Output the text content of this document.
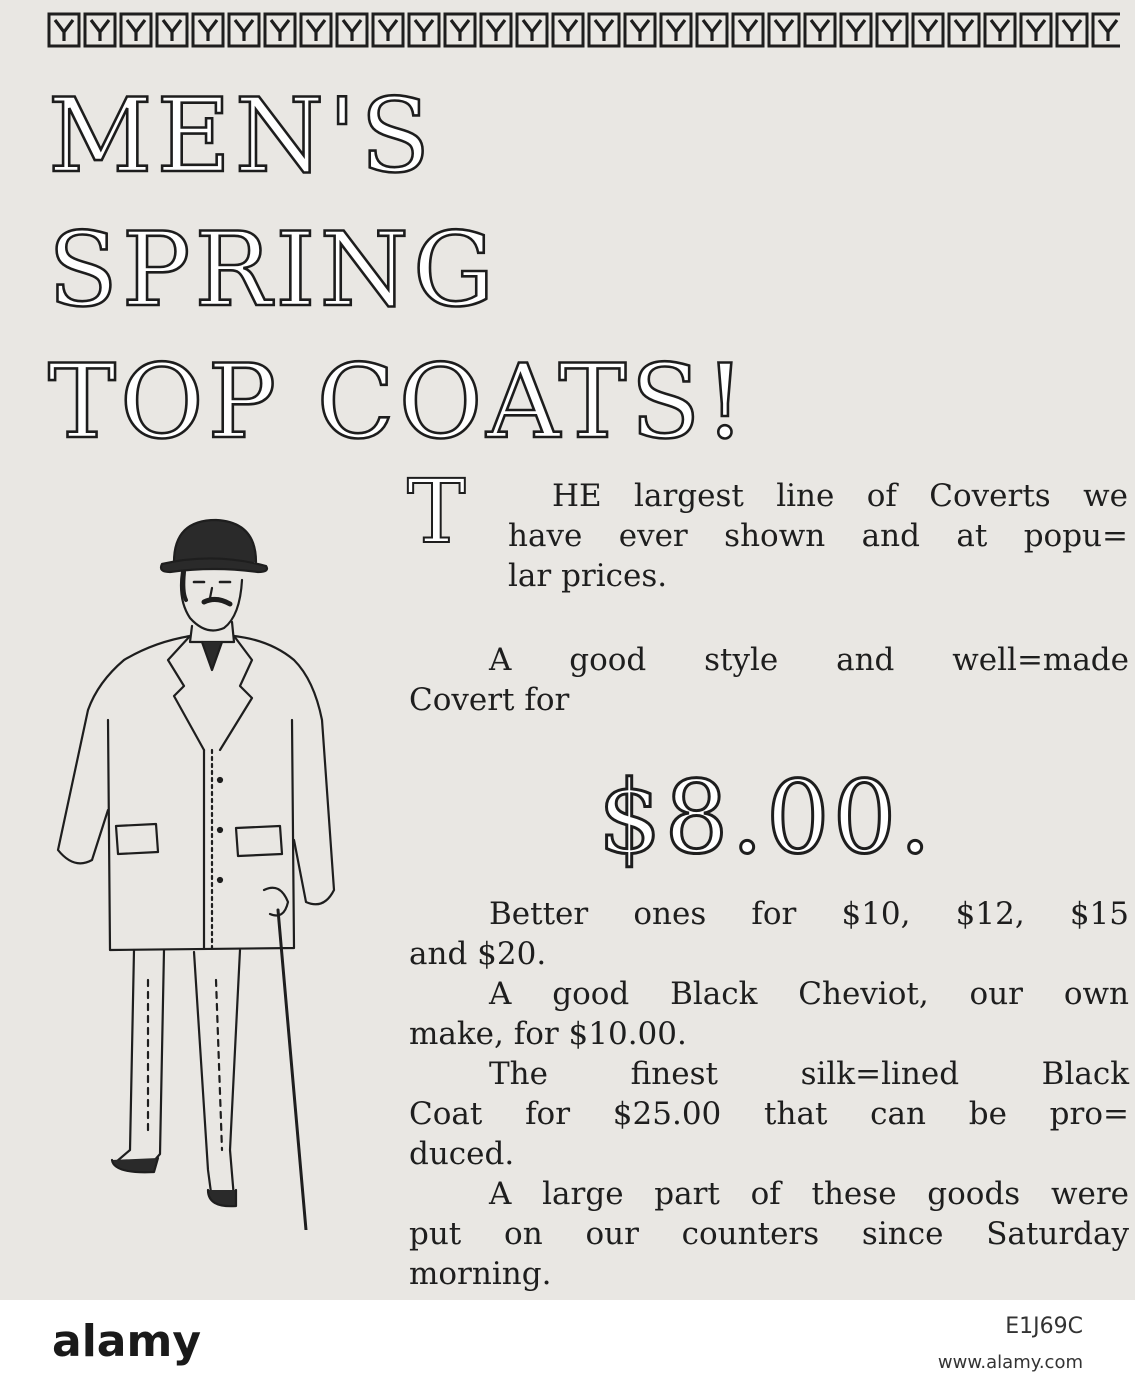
MEN'S
SPRING
TOP COATS!
T	HE largest line of Coverts we
have ever shown and at popu=
lar prices.

A good style and well=made
Covert for

$8.00.

Better ones for $10, $12, $15
and $20.

A good Black Cheviot, our own
make, for $10.00.

The finest silk=lined Black
Coat for $25.00 that can be pro=
duced.

A large part of these goods were
put on our counters since Saturday
morning.

alamy	E1J69C
www.alamy.com
